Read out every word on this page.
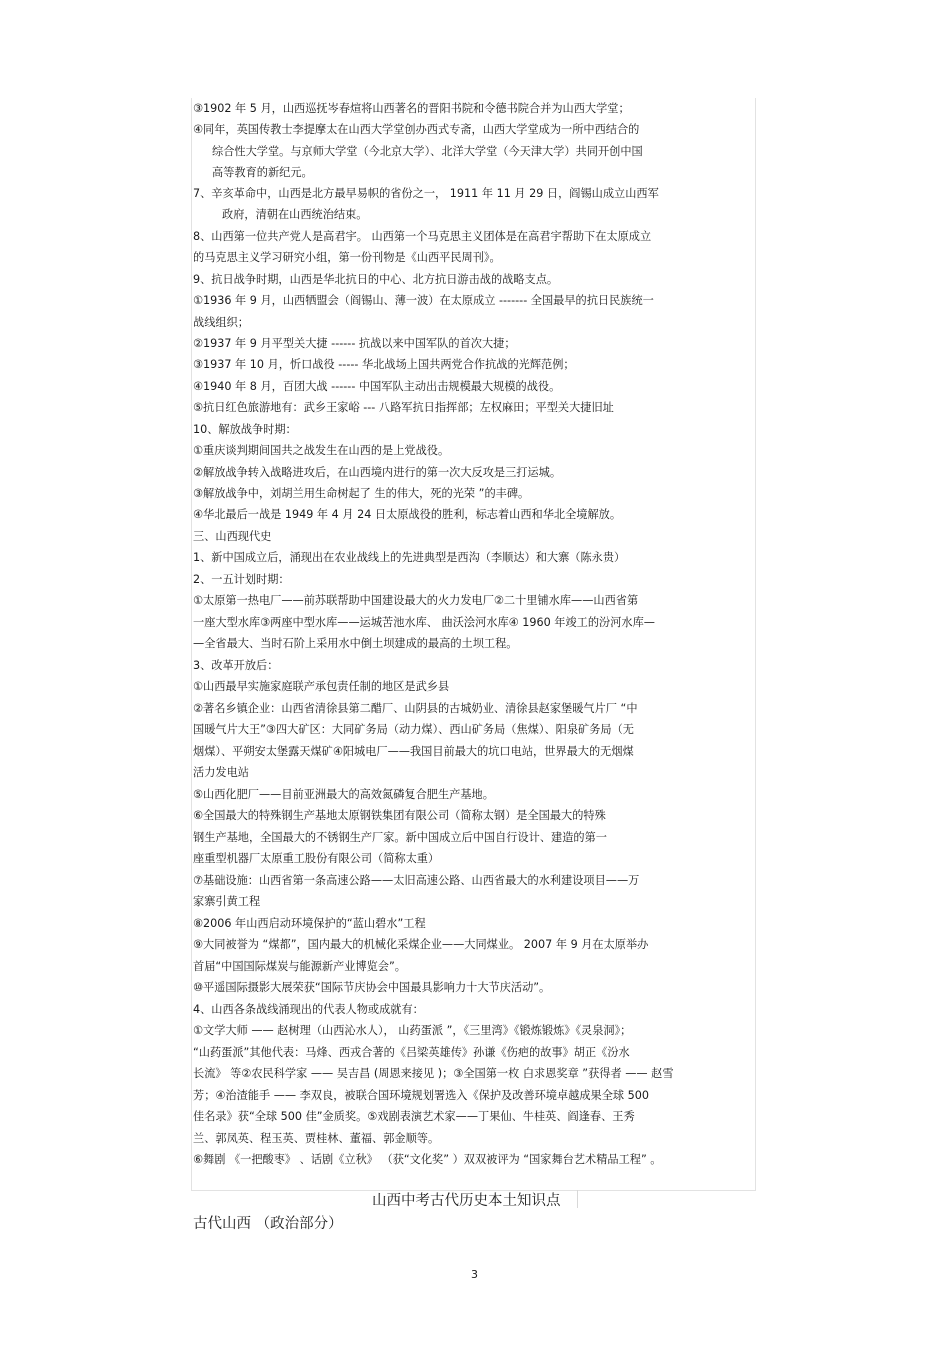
③1902 年 5 月，山西巡抚岑春煊将山西著名的晋阳书院和令德书院合并为山西大学堂；
④同年，英国传教士李提摩太在山西大学堂创办西式专斋，山西大学堂成为一所中西结合的
综合性大学堂。与京师大学堂（今北京大学）、北洋大学堂（今天津大学）共同开创中国
高等教育的新纪元。
7、辛亥革命中，山西是北方最早易帜的省份之一， 1911 年 11 月 29 日，阎锡山成立山西军
政府，清朝在山西统治结束。
8、山西第一位共产党人是高君宇。 山西第一个马克思主义团体是在高君宇帮助下在太原成立
的马克思主义学习研究小组，第一份刊物是《山西平民周刊》。
9、抗日战争时期，山西是华北抗日的中心、北方抗日游击战的战略支点。
①1936 年 9 月，山西牺盟会（阎锡山、薄一波）在太原成立 ------- 全国最早的抗日民族统一
战线组织；
②1937 年 9 月平型关大捷 ------ 抗战以来中国军队的首次大捷；
③1937 年 10 月，忻口战役 ----- 华北战场上国共两党合作抗战的光辉范例；
④1940 年 8 月，百团大战 ------ 中国军队主动出击规模最大规模的战役。
⑤抗日红色旅游地有：武乡王家峪 --- 八路军抗日指挥部；左权麻田；平型关大捷旧址
10、解放战争时期：
①重庆谈判期间国共之战发生在山西的是上党战役。
②解放战争转入战略进攻后，在山西境内进行的第一次大反攻是三打运城。
③解放战争中，刘胡兰用生命树起了 生的伟大，死的光荣 ”的丰碑。
④华北最后一战是 1949 年 4 月 24 日太原战役的胜利，标志着山西和华北全境解放。
三、山西现代史
1、新中国成立后，涌现出在农业战线上的先进典型是西沟（李顺达）和大寨（陈永贵）
2、一五计划时期：
①太原第一热电厂——前苏联帮助中国建设最大的火力发电厂②二十里铺水库——山西省第
一座大型水库③两座中型水库——运城苦池水库、 曲沃浍河水库④ 1960 年竣工的汾河水库—
—全省最大、当时石阶上采用水中倒土坝建成的最高的土坝工程。
3、改革开放后：
①山西最早实施家庭联产承包责任制的地区是武乡县
②著名乡镇企业：山西省清徐县第二醋厂、山阴县的古城奶业、清徐县赵家堡暖气片厂 “中
国暖气片大王”③四大矿区：大同矿务局（动力煤）、西山矿务局（焦煤）、阳泉矿务局（无
烟煤）、平朔安太堡露天煤矿④阳城电厂——我国目前最大的坑口电站，世界最大的无烟煤
活力发电站
⑤山西化肥厂——目前亚洲最大的高效氮磷复合肥生产基地。
⑥全国最大的特殊钢生产基地太原钢铁集团有限公司（简称太钢）是全国最大的特殊
钢生产基地，全国最大的不锈钢生产厂家。新中国成立后中国自行设计、建造的第一
座重型机器厂太原重工股份有限公司（简称太重）
⑦基础设施：山西省第一条高速公路——太旧高速公路、山西省最大的水利建设项目——万
家寨引黄工程
⑧2006 年山西启动环境保护的“蓝山碧水”工程
⑨大同被誉为 “煤都”，国内最大的机械化采煤企业——大同煤业。 2007 年 9 月在太原举办
首届“中国国际煤炭与能源新产业博览会”。
⑩平遥国际摄影大展荣获“国际节庆协会中国最具影响力十大节庆活动”。
4、山西各条战线涌现出的代表人物或成就有：
①文学大师 —— 赵树理（山西沁水人）， 山药蛋派 ”，《三里湾》《锻炼锻炼》《灵泉洞》；
“山药蛋派”其他代表：马烽、西戎合著的《吕梁英雄传》孙谦《伤疤的故事》胡正《汾水
长流》 等②农民科学家 —— 吴吉昌 (周恩来接见 )；③全国第一枚 白求恩奖章 ”获得者 —— 赵雪
芳；④治渣能手 —— 李双良，被联合国环境规划署选入《保护及改善环境卓越成果全球 500
佳名录》获“全球 500 佳”金质奖。⑤戏剧表演艺术家——丁果仙、牛桂英、阎逢春、王秀
兰、郭凤英、程玉英、贾桂林、董福、郭金顺等。
⑥舞剧 《一把酸枣》 、话剧《立秋》 （获“文化奖” ）双双被评为 “国家舞台艺术精品工程” 。
山西中考古代历史本土知识点
古代山西 （政治部分）
3
